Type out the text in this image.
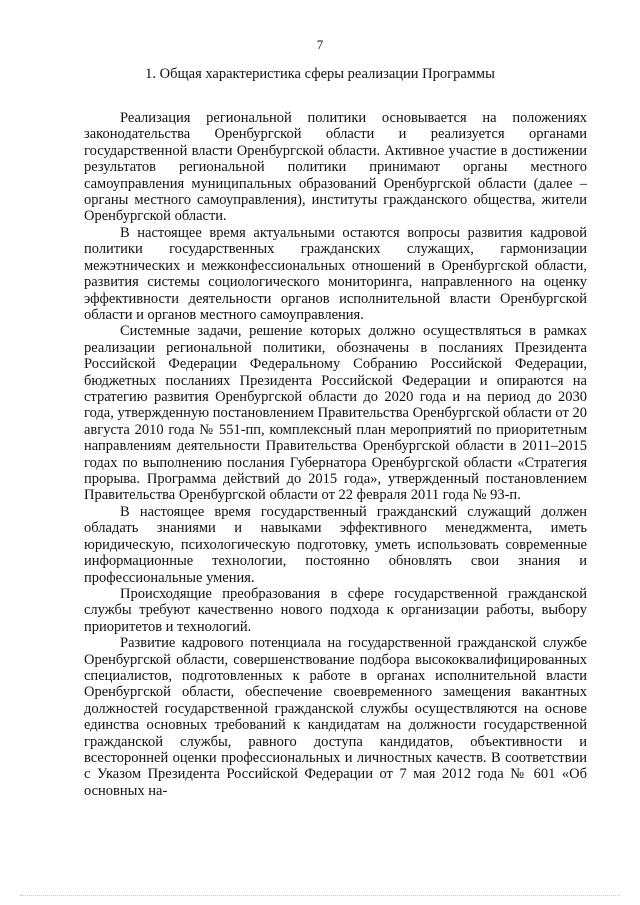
7
1. Общая характеристика сферы реализации Программы

Реализация региональной политики основывается на положениях законодательства Оренбургской области и реализуется органами государственной власти Оренбургской области. Активное участие в достижении результатов региональной политики принимают органы местного самоуправления муниципальных образований Оренбургской области (далее – органы местного самоуправления), институты гражданского общества, жители Оренбургской области.

В настоящее время актуальными остаются вопросы развития кадровой политики государственных гражданских служащих, гармонизации межэтнических и межконфессиональных отношений в Оренбургской области, развития системы социологического мониторинга, направленного на оценку эффективности деятельности органов исполнительной власти Оренбургской области и органов местного самоуправления.

Системные задачи, решение которых должно осуществляться в рамках реализации региональной политики, обозначены в посланиях Президента Российской Федерации Федеральному Собранию Российской Федерации, бюджетных посланиях Президента Российской Федерации и опираются на стратегию развития Оренбургской области до 2020 года и на период до 2030 года, утвержденную постановлением Правительства Оренбургской области от 20 августа 2010 года № 551-пп, комплексный план мероприятий по приоритетным направлениям деятельности Правительства Оренбургской области в 2011–2015 годах по выполнению послания Губернатора Оренбургской области «Стратегия прорыва. Программа действий до 2015 года», утвержденный постановлением Правительства Оренбургской области от 22 февраля 2011 года № 93-п.

В настоящее время государственный гражданский служащий должен обладать знаниями и навыками эффективного менеджмента, иметь юридическую, психологическую подготовку, уметь использовать современные информационные технологии, постоянно обновлять свои знания и профессиональные умения.

Происходящие преобразования в сфере государственной гражданской службы требуют качественно нового подхода к организации работы, выбору приоритетов и технологий.

Развитие кадрового потенциала на государственной гражданской службе Оренбургской области, совершенствование подбора высококвалифицированных специалистов, подготовленных к работе в органах исполнительной власти Оренбургской области, обеспечение своевременного замещения вакантных должностей государственной гражданской службы осуществляются на основе единства основных требований к кандидатам на должности государственной гражданской службы, равного доступа кандидатов, объективности и всесторонней оценки профессиональных и личностных качеств. В соответствии с Указом Президента Российской Федерации от 7 мая 2012 года № 601 «Об основных на-
